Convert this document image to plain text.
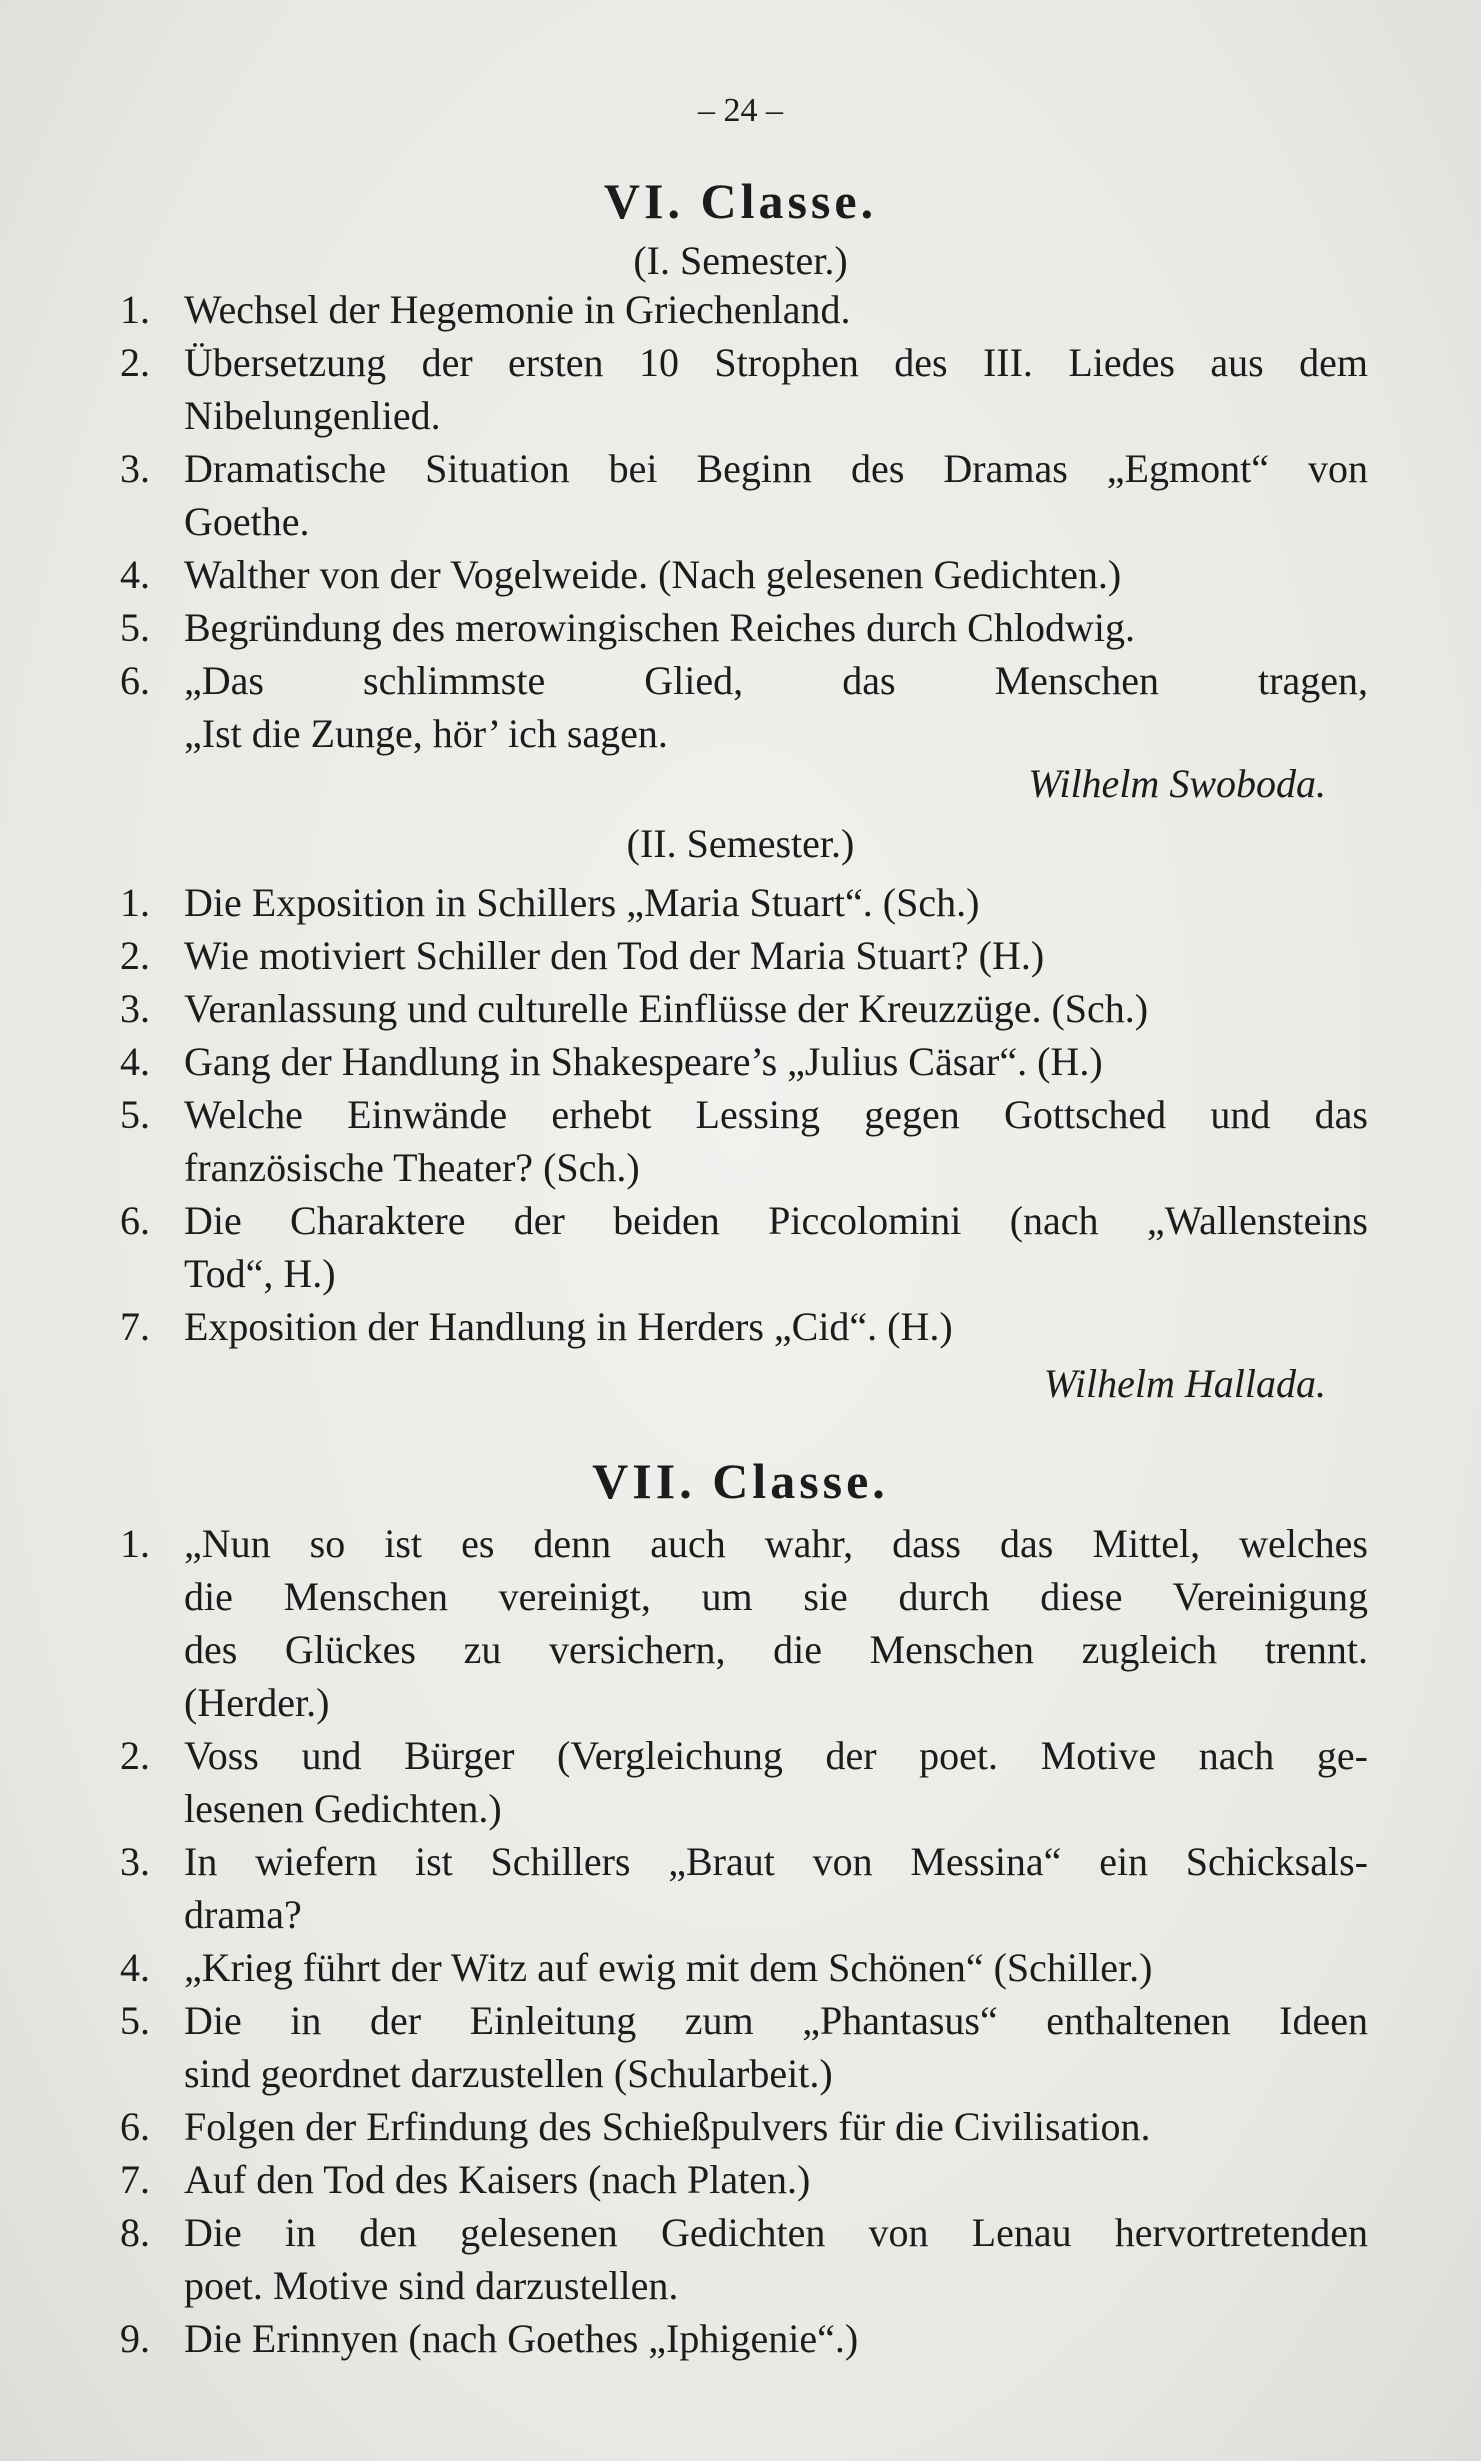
– 24 –
VI. Classe.
(I. Semester.)
1. Wechsel der Hegemonie in Griechenland.
2. Übersetzung der ersten 10 Strophen des III. Liedes aus dem
Nibelungenlied.
3. Dramatische Situation bei Beginn des Dramas „Egmont“ von
Goethe.
4. Walther von der Vogelweide. (Nach gelesenen Gedichten.)
5. Begründung des merowingischen Reiches durch Chlodwig.
6. „Das schlimmste Glied, das Menschen tragen,
„Ist die Zunge, hör’ ich sagen.
Wilhelm Swoboda.
(II. Semester.)
1. Die Exposition in Schillers „Maria Stuart“. (Sch.)
2. Wie motiviert Schiller den Tod der Maria Stuart? (H.)
3. Veranlassung und culturelle Einflüsse der Kreuzzüge. (Sch.)
4. Gang der Handlung in Shakespeare’s „Julius Cäsar“. (H.)
5. Welche Einwände erhebt Lessing gegen Gottsched und das
französische Theater? (Sch.)
6. Die Charaktere der beiden Piccolomini (nach „Wallensteins
Tod“, H.)
7. Exposition der Handlung in Herders „Cid“. (H.)
Wilhelm Hallada.
VII. Classe.
1. „Nun so ist es denn auch wahr, dass das Mittel, welches
die Menschen vereinigt, um sie durch diese Vereinigung
des Glückes zu versichern, die Menschen zugleich trennt.
(Herder.)
2. Voss und Bürger (Vergleichung der poet. Motive nach ge-
lesenen Gedichten.)
3. In wiefern ist Schillers „Braut von Messina“ ein Schicksals-
drama?
4. „Krieg führt der Witz auf ewig mit dem Schönen“ (Schiller.)
5. Die in der Einleitung zum „Phantasus“ enthaltenen Ideen
sind geordnet darzustellen (Schularbeit.)
6. Folgen der Erfindung des Schießpulvers für die Civilisation.
7. Auf den Tod des Kaisers (nach Platen.)
8. Die in den gelesenen Gedichten von Lenau hervortretenden
poet. Motive sind darzustellen.
9. Die Erinnyen (nach Goethes „Iphigenie“.)
